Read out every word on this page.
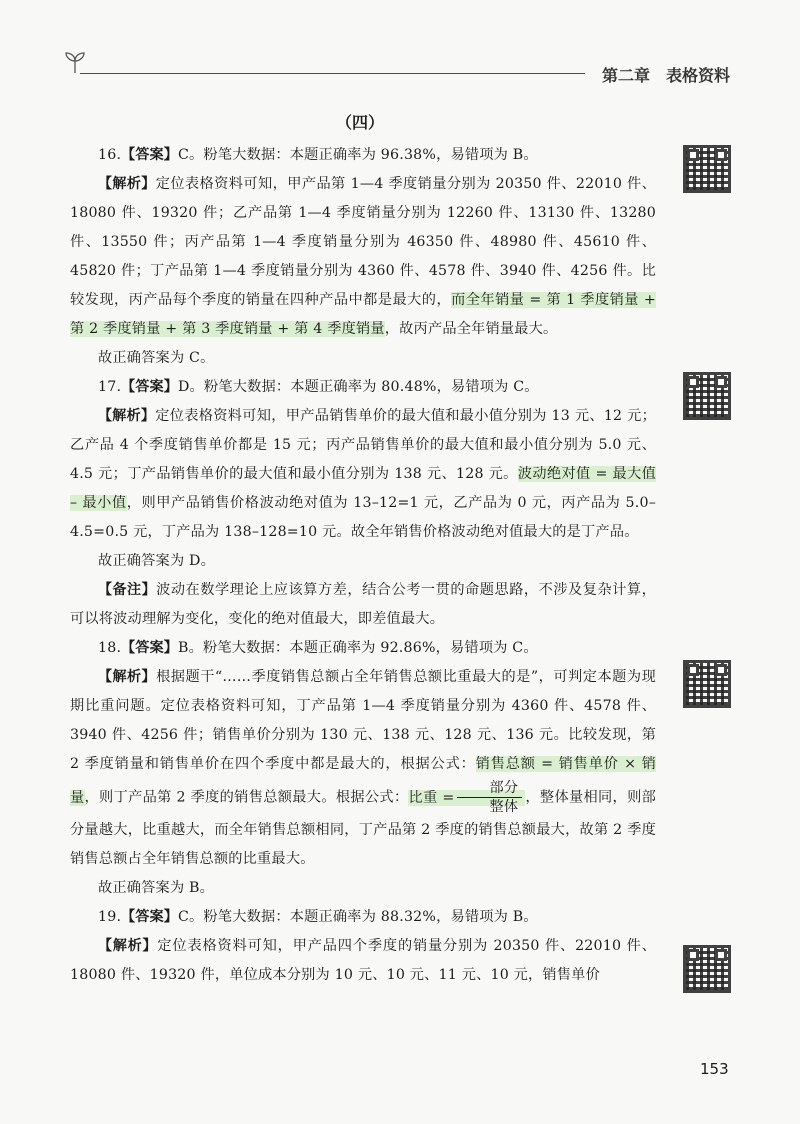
第二章 表格资料
（四）

16.【答案】C。粉笔大数据：本题正确率为 96.38%，易错项为 B。

【解析】定位表格资料可知，甲产品第 1—4 季度销量分别为 20350 件、22010 件、18080 件、19320 件；乙产品第 1—4 季度销量分别为 12260 件、13130 件、13280 件、13550 件；丙产品第 1—4 季度销量分别为 46350 件、48980 件、45610 件、45820 件；丁产品第 1—4 季度销量分别为 4360 件、4578 件、3940 件、4256 件。比较发现，丙产品每个季度的销量在四种产品中都是最大的，而全年销量 = 第 1 季度销量 + 第 2 季度销量 + 第 3 季度销量 + 第 4 季度销量，故丙产品全年销量最大。

故正确答案为 C。

17.【答案】D。粉笔大数据：本题正确率为 80.48%，易错项为 C。

【解析】定位表格资料可知，甲产品销售单价的最大值和最小值分别为 13 元、12 元；乙产品 4 个季度销售单价都是 15 元；丙产品销售单价的最大值和最小值分别为 5.0 元、4.5 元；丁产品销售单价的最大值和最小值分别为 138 元、128 元。波动绝对值 = 最大值 – 最小值，则甲产品销售价格波动绝对值为 13–12=1 元，乙产品为 0 元，丙产品为 5.0–4.5=0.5 元，丁产品为 138–128=10 元。故全年销售价格波动绝对值最大的是丁产品。

故正确答案为 D。

【备注】波动在数学理论上应该算方差，结合公考一贯的命题思路，不涉及复杂计算，可以将波动理解为变化，变化的绝对值最大，即差值最大。

18.【答案】B。粉笔大数据：本题正确率为 92.86%，易错项为 C。

【解析】根据题干“……季度销售总额占全年销售总额比重最大的是”，可判定本题为现期比重问题。定位表格资料可知，丁产品第 1—4 季度销量分别为 4360 件、4578 件、3940 件、4256 件；销售单价分别为 130 元、138 元、128 元、136 元。比较发现，第 2 季度销量和销售单价在四个季度中都是最大的，根据公式：销售总额 = 销售单价 × 销量，则丁产品第 2 季度的销售总额最大。根据公式：比重 = $\frac{\text{部分}}{\text{整体}}$ ，整体量相同，则部分量越大，比重越大，而全年销售总额相同，丁产品第 2 季度的销售总额最大，故第 2 季度销售总额占全年销售总额的比重最大。

故正确答案为 B。

19.【答案】C。粉笔大数据：本题正确率为 88.32%，易错项为 B。

【解析】定位表格资料可知，甲产品四个季度的销量分别为 20350 件、22010 件、18080 件、19320 件，单位成本分别为 10 元、10 元、11 元、10 元，销售单价

153
